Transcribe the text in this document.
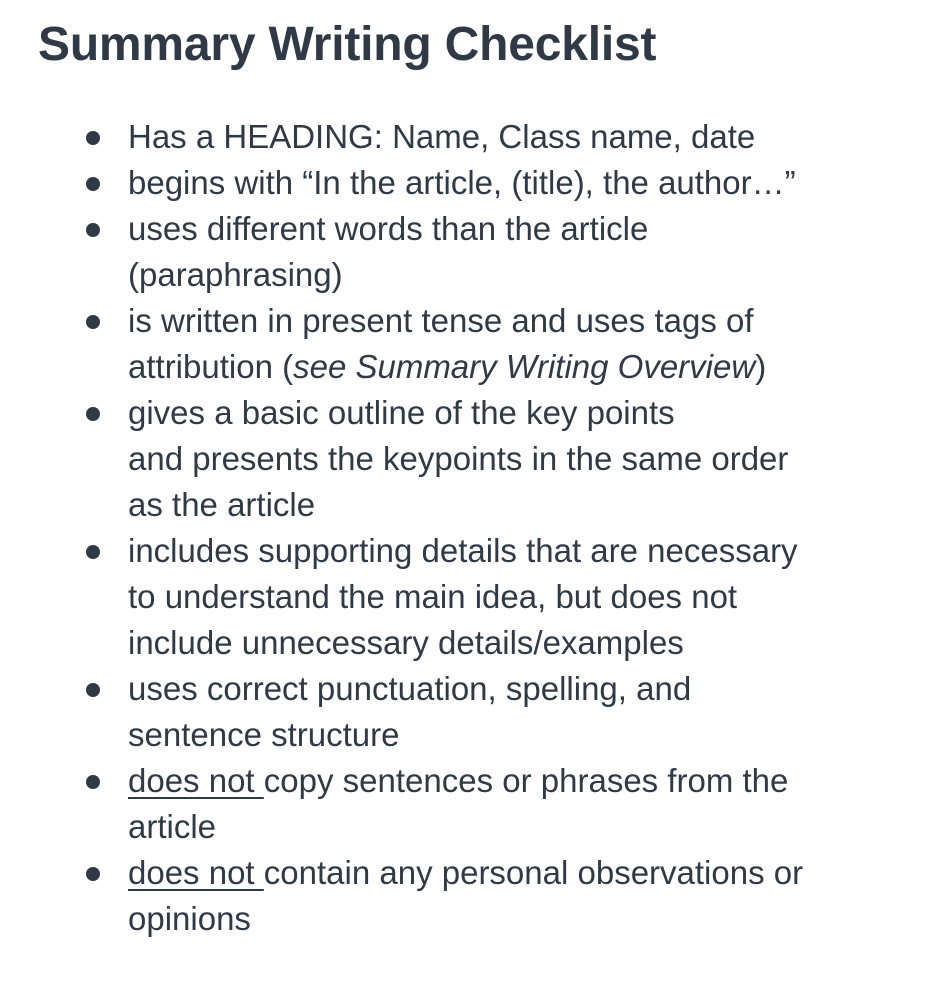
Summary Writing Checklist
Has a HEADING: Name, Class name, date
begins with “In the article, (title), the author…”
uses different words than the article
(paraphrasing)
is written in present tense and uses tags of
attribution (see Summary Writing Overview)
gives a basic outline of the key points
and presents the keypoints in the same order
as the article
includes supporting details that are necessary
to understand the main idea, but does not
include unnecessary details/examples
uses correct punctuation, spelling, and
sentence structure
does not copy sentences or phrases from the
article
does not contain any personal observations or
opinions
